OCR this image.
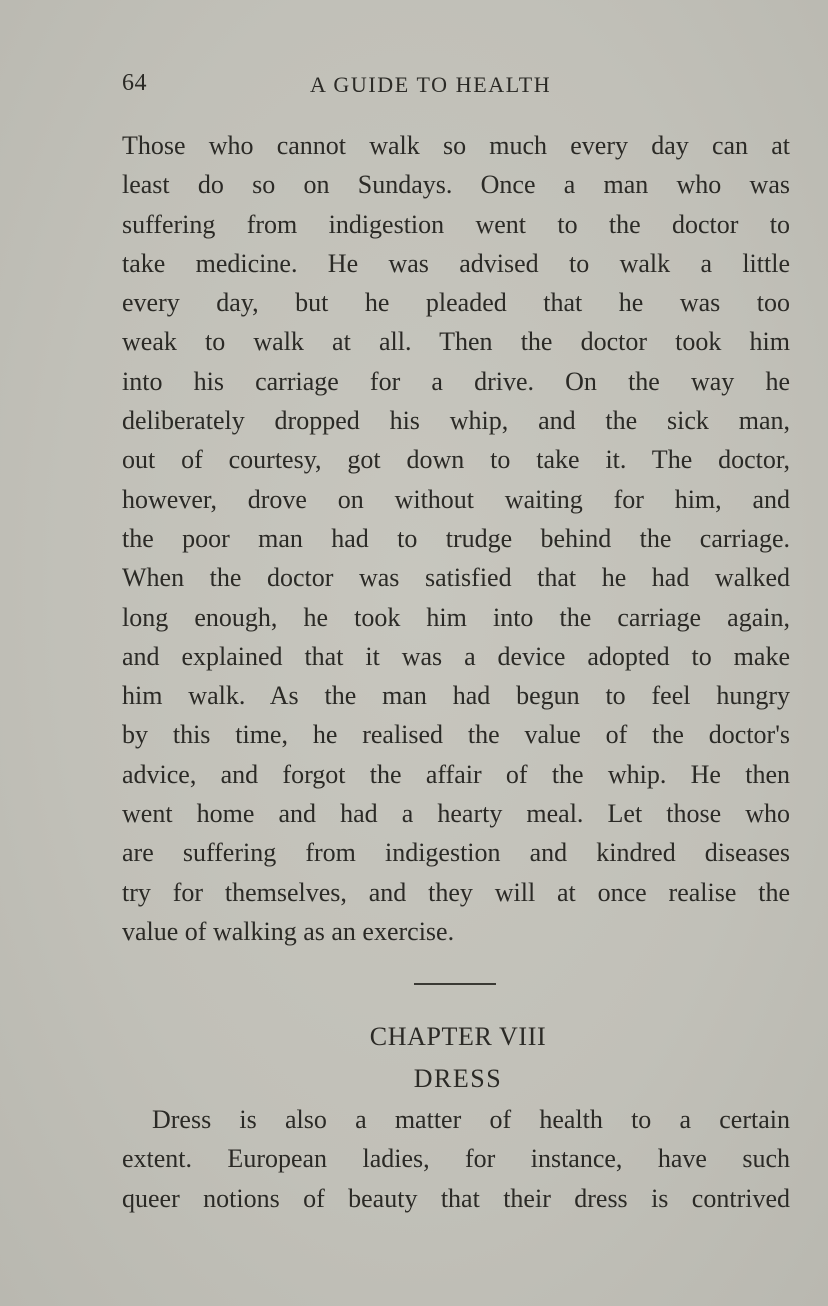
64	A GUIDE TO HEALTH
Those who cannot walk so much every day can at
least do so on Sundays. Once a man who was
suffering from indigestion went to the doctor to
take medicine. He was advised to walk a little
every day, but he pleaded that he was too
weak to walk at all. Then the doctor took him
into his carriage for a drive. On the way he
deliberately dropped his whip, and the sick man,
out of courtesy, got down to take it. The doctor,
however, drove on without waiting for him, and
the poor man had to trudge behind the carriage.
When the doctor was satisfied that he had walked
long enough, he took him into the carriage again,
and explained that it was a device adopted to make
him walk. As the man had begun to feel hungry
by this time, he realised the value of the doctor's
advice, and forgot the affair of the whip. He then
went home and had a hearty meal. Let those who
are suffering from indigestion and kindred diseases
try for themselves, and they will at once realise the
value of walking as an exercise.
CHAPTER VIII
DRESS
Dress is also a matter of health to a certain
extent. European ladies, for instance, have such
queer notions of beauty that their dress is contrived
